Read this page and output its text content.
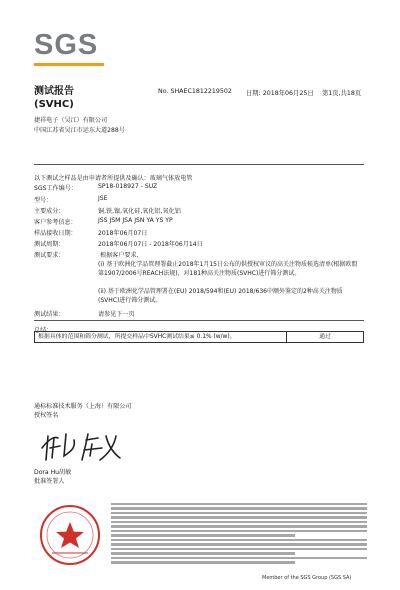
SGS
测试报告
(SVHC)
No. SHAEC1812219502 日期: 2018年06月25日 第1页,共18页
捷祥电子（吴江）有限公司
中国江苏省吴江市运东大道288号
以下测试之样品是由申请者所提供及确认：玻璃气体放电管
SGS工作编号：	SP18-018927 - SUZ
型号：	JSE
主要成分：	铜,铁,镍,氧化硅,氧化铝,氧化铝
客户参考信息：	JSS JSM JSA JSN YA YS YP
样品接收日期：	2018年06月07日
测试周期：	2018年06月07日 - 2018年06月14日
测试要求：	根据客户要求，
(i) 基于欧洲化学品管理署截止2018年1月15日公布的供授权审议的高关注物质候选清单(根据欧盟第1907/2006号REACH法规)，对181种高关注物质(SVHC)进行筛分测试。
(ii) 基于欧洲化学品管理署在(EU) 2018/594和(EU) 2018/636中额外鉴定的2种高关注物质(SVHC)进行筛分测试。
测试结果：	请参见下一页
总结：
根据具体的范围和筛分测试，所提交样品中SVHC测试结果≤ 0.1% (w/w)。	通过
通标标准技术服务（上海）有限公司
授权签名
Dora Hu胡敏
批准签署人
Member of the SGS Group (SGS SA)
